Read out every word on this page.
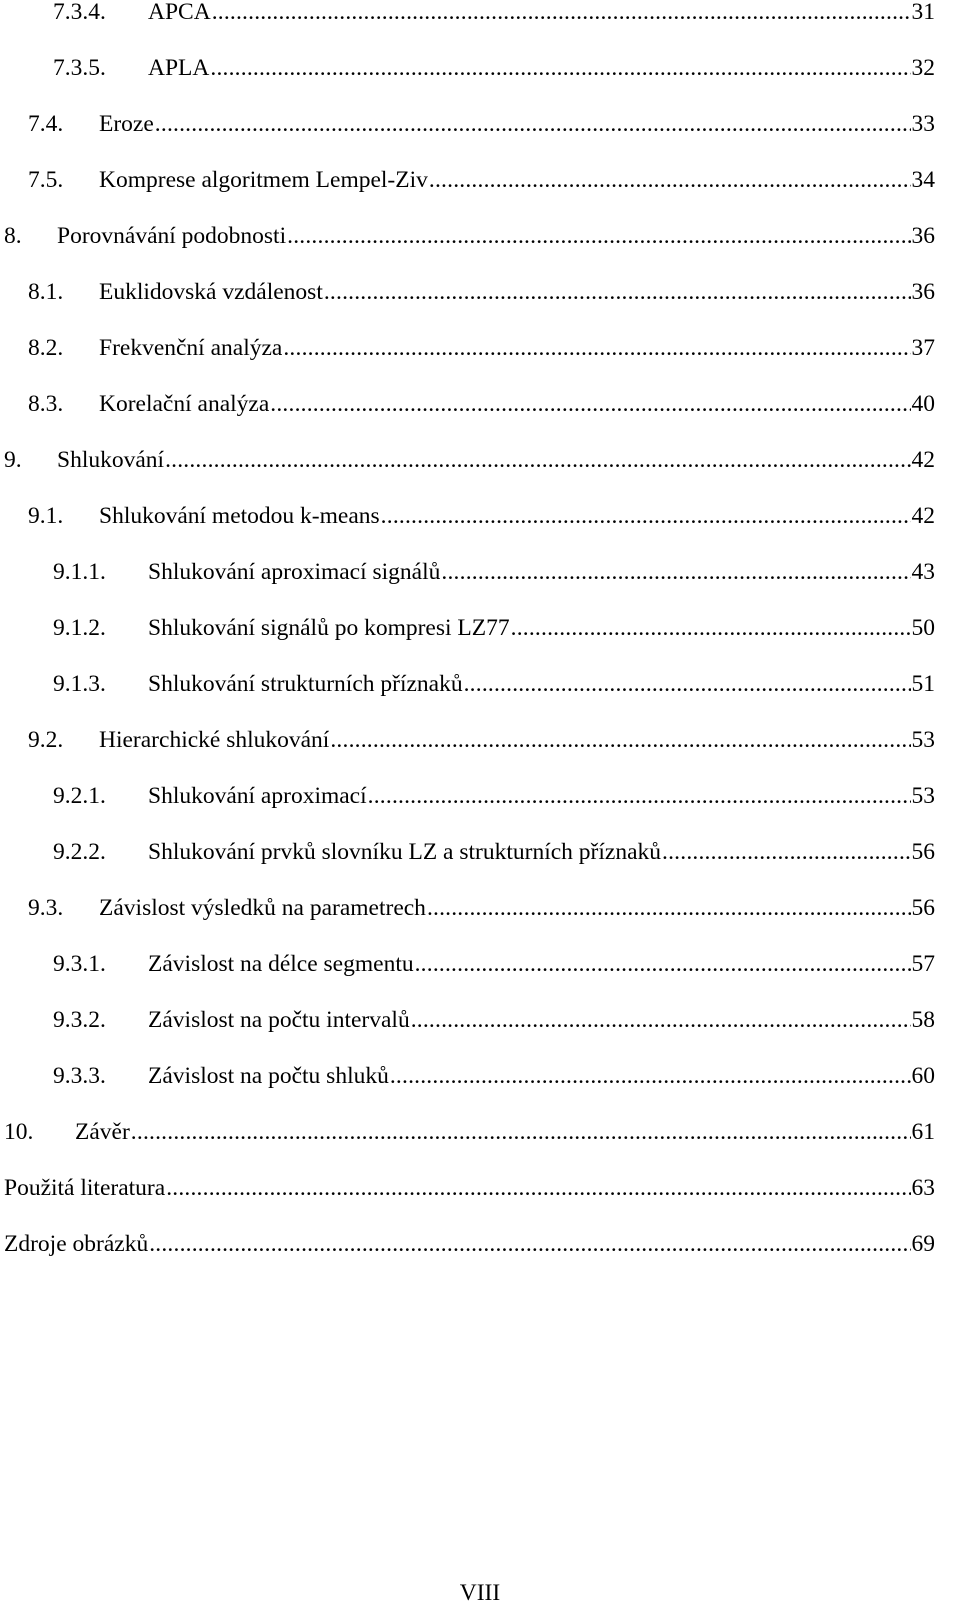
7.3.4.	APCA .....	31
7.3.5.	APLA .....	32
7.4.	Eroze .....	33
7.5.	Komprese algoritmem Lempel-Ziv .....	34
8.	Porovnávání podobnosti .....	36
8.1.	Euklidovská vzdálenost .....	36
8.2.	Frekvenční analýza .....	37
8.3.	Korelační analýza .....	40
9.	Shlukování .....	42
9.1.	Shlukování metodou k-means .....	42
9.1.1.	Shlukování aproximací signálů .....	43
9.1.2.	Shlukování signálů po kompresi LZ77 .....	50
9.1.3.	Shlukování strukturních příznaků .....	51
9.2.	Hierarchické shlukování .....	53
9.2.1.	Shlukování aproximací .....	53
9.2.2.	Shlukování prvků slovníku LZ a strukturních příznaků .....	56
9.3.	Závislost výsledků na parametrech .....	56
9.3.1.	Závislost na délce segmentu .....	57
9.3.2.	Závislost na počtu intervalů .....	58
9.3.3.	Závislost na počtu shluků .....	60
10.	Závěr .....	61
Použitá literatura .....	63
Zdroje obrázků .....	69
VIII
